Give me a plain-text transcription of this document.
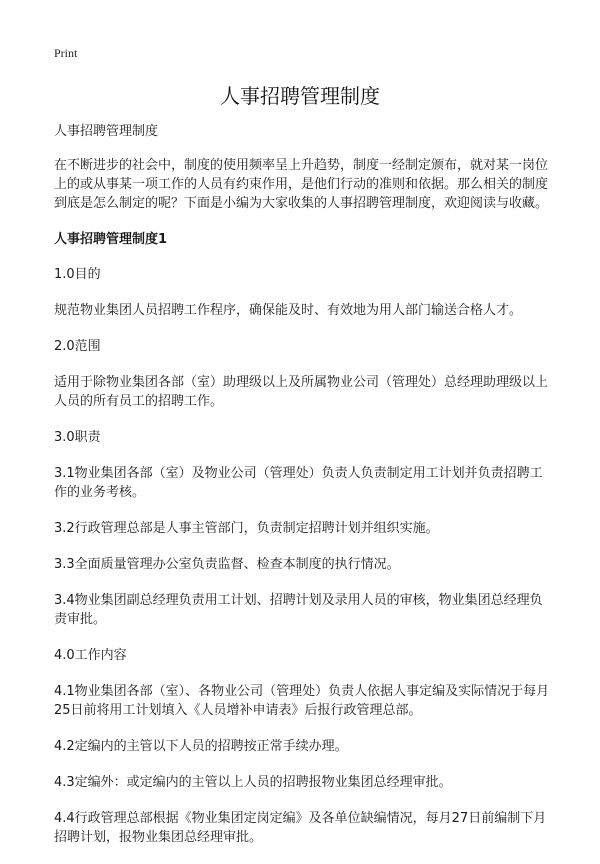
Print
人事招聘管理制度

人事招聘管理制度

在不断进步的社会中，制度的使用频率呈上升趋势，制度一经制定颁布，就对某一岗位上的或从事某一项工作的人员有约束作用，是他们行动的准则和依据。那么相关的制度到底是怎么制定的呢？下面是小编为大家收集的人事招聘管理制度，欢迎阅读与收藏。

人事招聘管理制度1

1.0目的

规范物业集团人员招聘工作程序，确保能及时、有效地为用人部门输送合格人才。

2.0范围

适用于除物业集团各部（室）助理级以上及所属物业公司（管理处）总经理助理级以上人员的所有员工的招聘工作。

3.0职责

3.1物业集团各部（室）及物业公司（管理处）负责人负责制定用工计划并负责招聘工作的业务考核。

3.2行政管理总部是人事主管部门，负责制定招聘计划并组织实施。

3.3全面质量管理办公室负责监督、检查本制度的执行情况。

3.4物业集团副总经理负责用工计划、招聘计划及录用人员的审核，物业集团总经理负责审批。

4.0工作内容

4.1物业集团各部（室）、各物业公司（管理处）负责人依据人事定编及实际情况于每月25日前将用工计划填入《人员增补申请表》后报行政管理总部。

4.2定编内的主管以下人员的招聘按正常手续办理。

4.3定编外：或定编内的主管以上人员的招聘报物业集团总经理审批。

4.4行政管理总部根据《物业集团定岗定编》及各单位缺编情况，每月27日前编制下月招聘计划，报物业集团总经理审批。
